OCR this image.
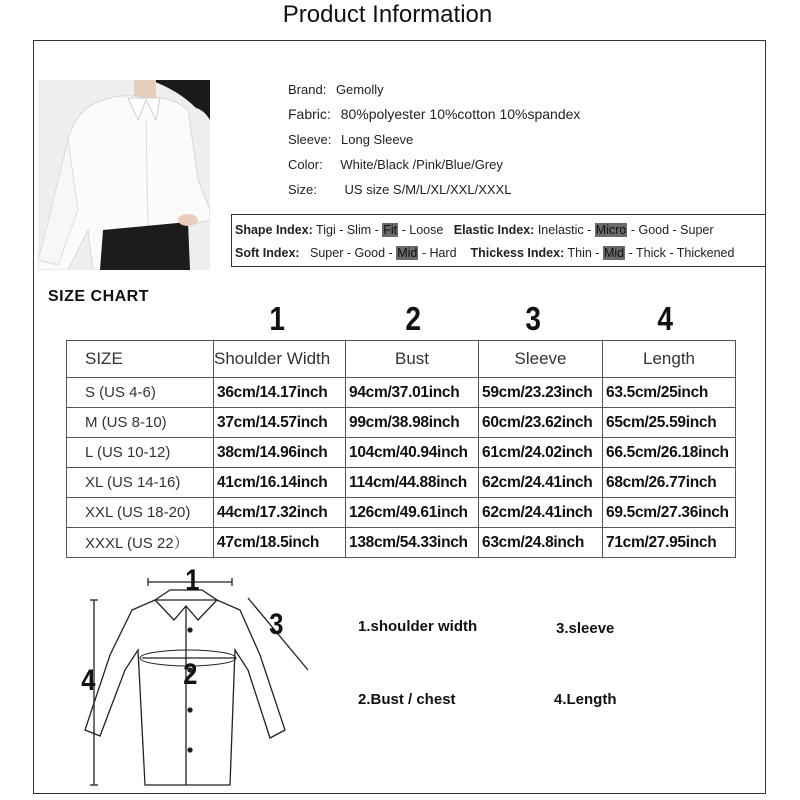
Product Information
Brand: Gemolly
Fabric: 80%polyester 10%cotton 10%spandex
Sleeve: Long Sleeve
Color: White/Black /Pink/Blue/Grey
Size: US size S/M/L/XL/XXL/XXXL
Shape Index: Tigi - Slim - Fit - Loose Elastic Index: Inelastic - Micro - Good - Super
Soft Index: Super - Good - Mid - Hard Thickess Index: Thin - Mid - Thick - Thickened
SIZE CHART
1	2	3	4
SIZE	Shoulder Width	Bust	Sleeve	Length
S (US 4-6)	36cm/14.17inch	94cm/37.01inch	59cm/23.23inch	63.5cm/25inch
M (US 8-10)	37cm/14.57inch	99cm/38.98inch	60cm/23.62inch	65cm/25.59inch
L (US 10-12)	38cm/14.96inch	104cm/40.94inch	61cm/24.02inch	66.5cm/26.18inch
XL (US 14-16)	41cm/16.14inch	114cm/44.88inch	62cm/24.41inch	68cm/26.77inch
XXL (US 18-20)	44cm/17.32inch	126cm/49.61inch	62cm/24.41inch	69.5cm/27.36inch
XXXL (US 22）	47cm/18.5inch	138cm/54.33inch	63cm/24.8inch	71cm/27.95inch
1
2
3
4
1.shoulder width	3.sleeve
2.Bust / chest	4.Length
